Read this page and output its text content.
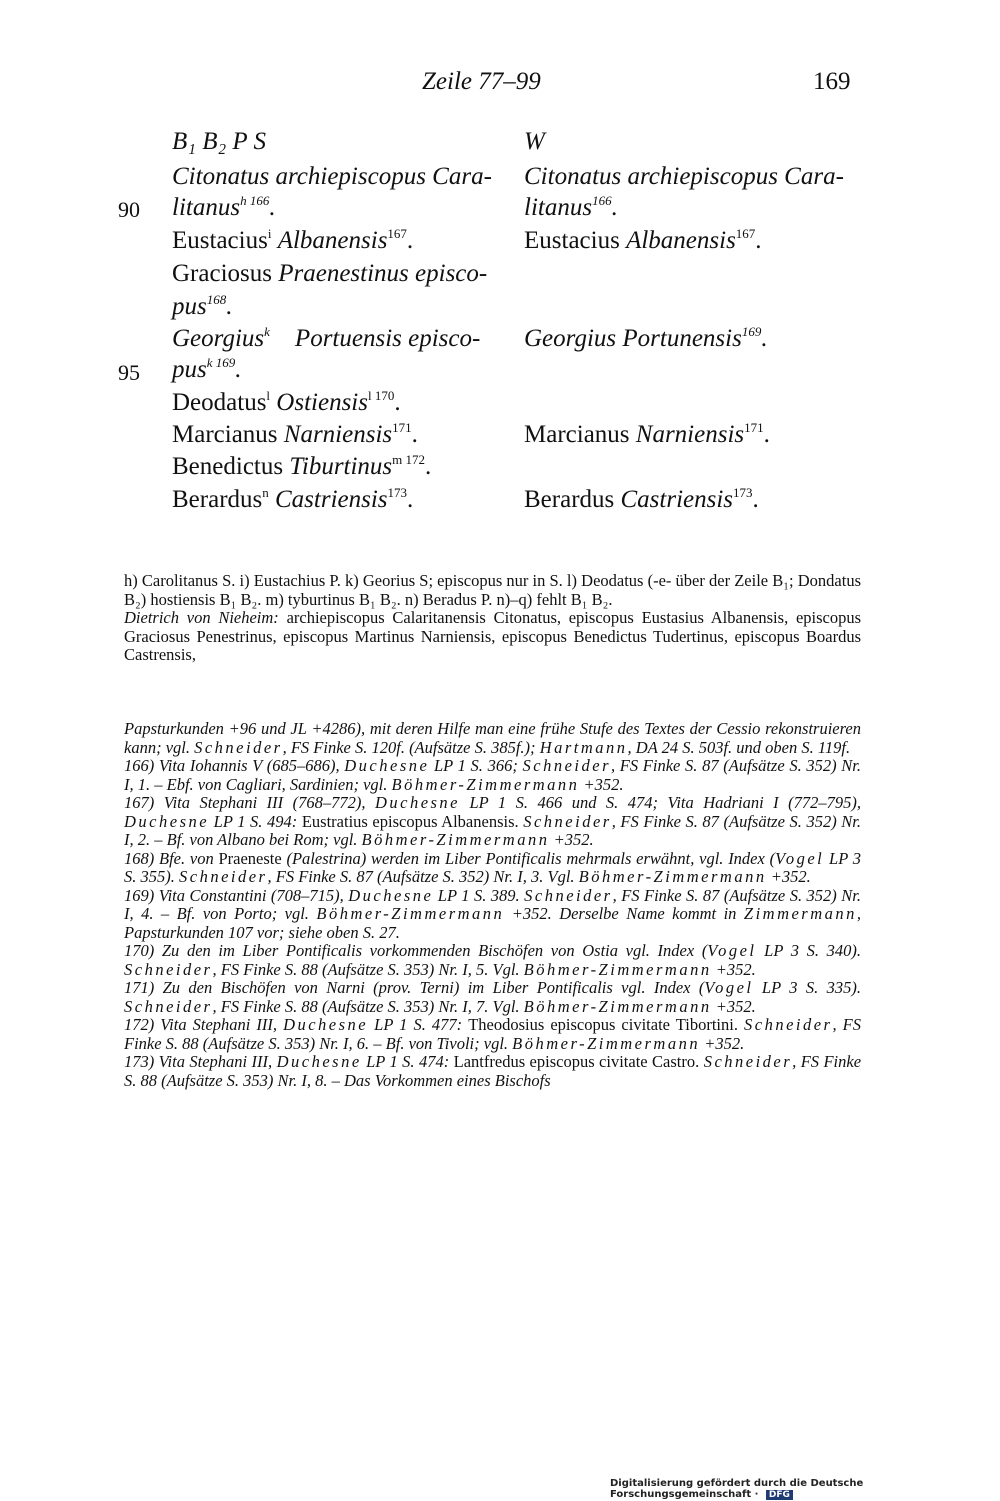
Zeile 77–99	169
B₁ B₂ P S	W
90
95
Citonatus archiepiscopus Cara-
litanus$^{h 166}$.
Eustacius$^i$ Albanensis$^{167}$.
Graciosus Praenestinus episco-
pus$^{168}$.
Georgius$^k$ Portuensis episco-
pus$^{k 169}$.
Deodatus$^l$ Ostiensis$^{l 170}$.
Marcianus Narniensis$^{171}$.
Benedictus Tiburtinus$^{m 172}$.
Berardus$^n$ Castriensis$^{173}$.
Citonatus archiepiscopus Cara-
litanus$^{166}$.
Eustacius Albanensis$^{167}$.
Georgius Portunensis$^{169}$.
Marcianus Narniensis$^{171}$.
Berardus Castriensis$^{173}$.

h) Carolitanus S. i) Eustachius P. k) Georius S; episcopus nur in S. l) Deodatus (-e- über der Zeile B₁; Dondatus B₂) hostiensis B₁ B₂. m) tyburtinus B₁ B₂. n) Beradus P. n)–q) fehlt B₁ B₂.

Dietrich von Nieheim: archiepiscopus Calaritanensis Citonatus, episcopus Eustasius Albanensis, episcopus Graciosus Penestrinus, episcopus Martinus Narniensis, episcopus Benedictus Tudertinus, episcopus Boardus Castrensis,

Papsturkunden +96 und JL +4286), mit deren Hilfe man eine frühe Stufe des Textes der Cessio rekonstruieren kann; vgl. Schneider, FS Finke S. 120f. (Aufsätze S. 385f.); Hartmann, DA 24 S. 503f. und oben S. 119f.

166) Vita Iohannis V (685–686), Duchesne LP 1 S. 366; Schneider, FS Finke S. 87 (Aufsätze S. 352) Nr. I, 1. – Ebf. von Cagliari, Sardinien; vgl. Böhmer-Zimmermann +352.

167) Vita Stephani III (768–772), Duchesne LP 1 S. 466 und S. 474; Vita Hadriani I (772–795), Duchesne LP 1 S. 494: Eustratius episcopus Albanensis. Schneider, FS Finke S. 87 (Aufsätze S. 352) Nr. I, 2. – Bf. von Albano bei Rom; vgl. Böhmer-Zimmermann +352.

168) Bfe. von Praeneste (Palestrina) werden im Liber Pontificalis mehrmals erwähnt, vgl. Index (Vogel LP 3 S. 355). Schneider, FS Finke S. 87 (Aufsätze S. 352) Nr. I, 3. Vgl. Böhmer-Zimmermann +352.

169) Vita Constantini (708–715), Duchesne LP 1 S. 389. Schneider, FS Finke S. 87 (Aufsätze S. 352) Nr. I, 4. – Bf. von Porto; vgl. Böhmer-Zimmermann +352. Derselbe Name kommt in Zimmermann, Papsturkunden 107 vor; siehe oben S. 27.

170) Zu den im Liber Pontificalis vorkommenden Bischöfen von Ostia vgl. Index (Vogel LP 3 S. 340). Schneider, FS Finke S. 88 (Aufsätze S. 353) Nr. I, 5. Vgl. Böhmer-Zimmermann +352.

171) Zu den Bischöfen von Narni (prov. Terni) im Liber Pontificalis vgl. Index (Vogel LP 3 S. 335). Schneider, FS Finke S. 88 (Aufsätze S. 353) Nr. I, 7. Vgl. Böhmer-Zimmermann +352.

172) Vita Stephani III, Duchesne LP 1 S. 477: Theodosius episcopus civitate Tibortini. Schneider, FS Finke S. 88 (Aufsätze S. 353) Nr. I, 6. – Bf. von Tivoli; vgl. Böhmer-Zimmermann +352.

173) Vita Stephani III, Duchesne LP 1 S. 474: Lantfredus episcopus civitate Castro. Schneider, FS Finke S. 88 (Aufsätze S. 353) Nr. I, 8. – Das Vorkommen eines Bischofs

Digitalisierung gefördert durch die Deutsche Forschungsgemeinschaft · DFG
